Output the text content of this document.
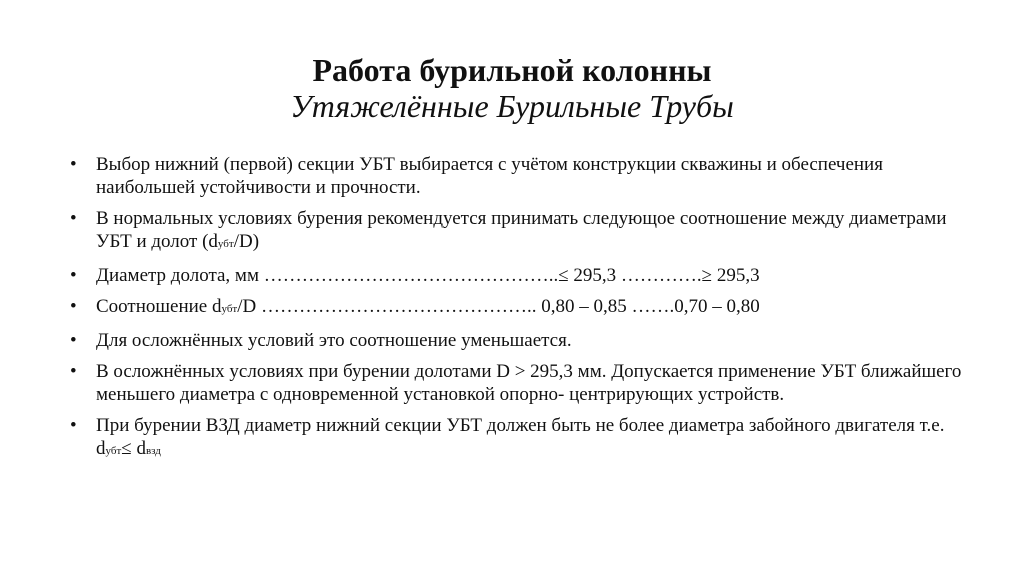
Работа бурильной колонны
Утяжелённые Бурильные Трубы
•	Выбор нижний (первой) секции УБТ выбирается с учётом конструкции скважины и обеспечения наибольшей устойчивости и прочности.
•	В нормальных условиях бурения рекомендуется принимать следующое соотношение между диаметрами УБТ и долот (dубт/D)
•	Диаметр долота, мм ………………………………………..≤ 295,3 ………….≥ 295,3
•	Соотношение dубт/D …………………………………….. 0,80 – 0,85 …….0,70 – 0,80
•	Для осложнённых условий это соотношение уменьшается.
•	В осложнённых условиях при бурении долотами D > 295,3 мм. Допускается применение УБТ ближайшего меньшего диаметра с одновременной установкой опорно- центрирующих устройств.
•	При бурении ВЗД диаметр нижний секции УБТ должен быть не более диаметра забойного двигателя т.е. dубт≤ dвзд
